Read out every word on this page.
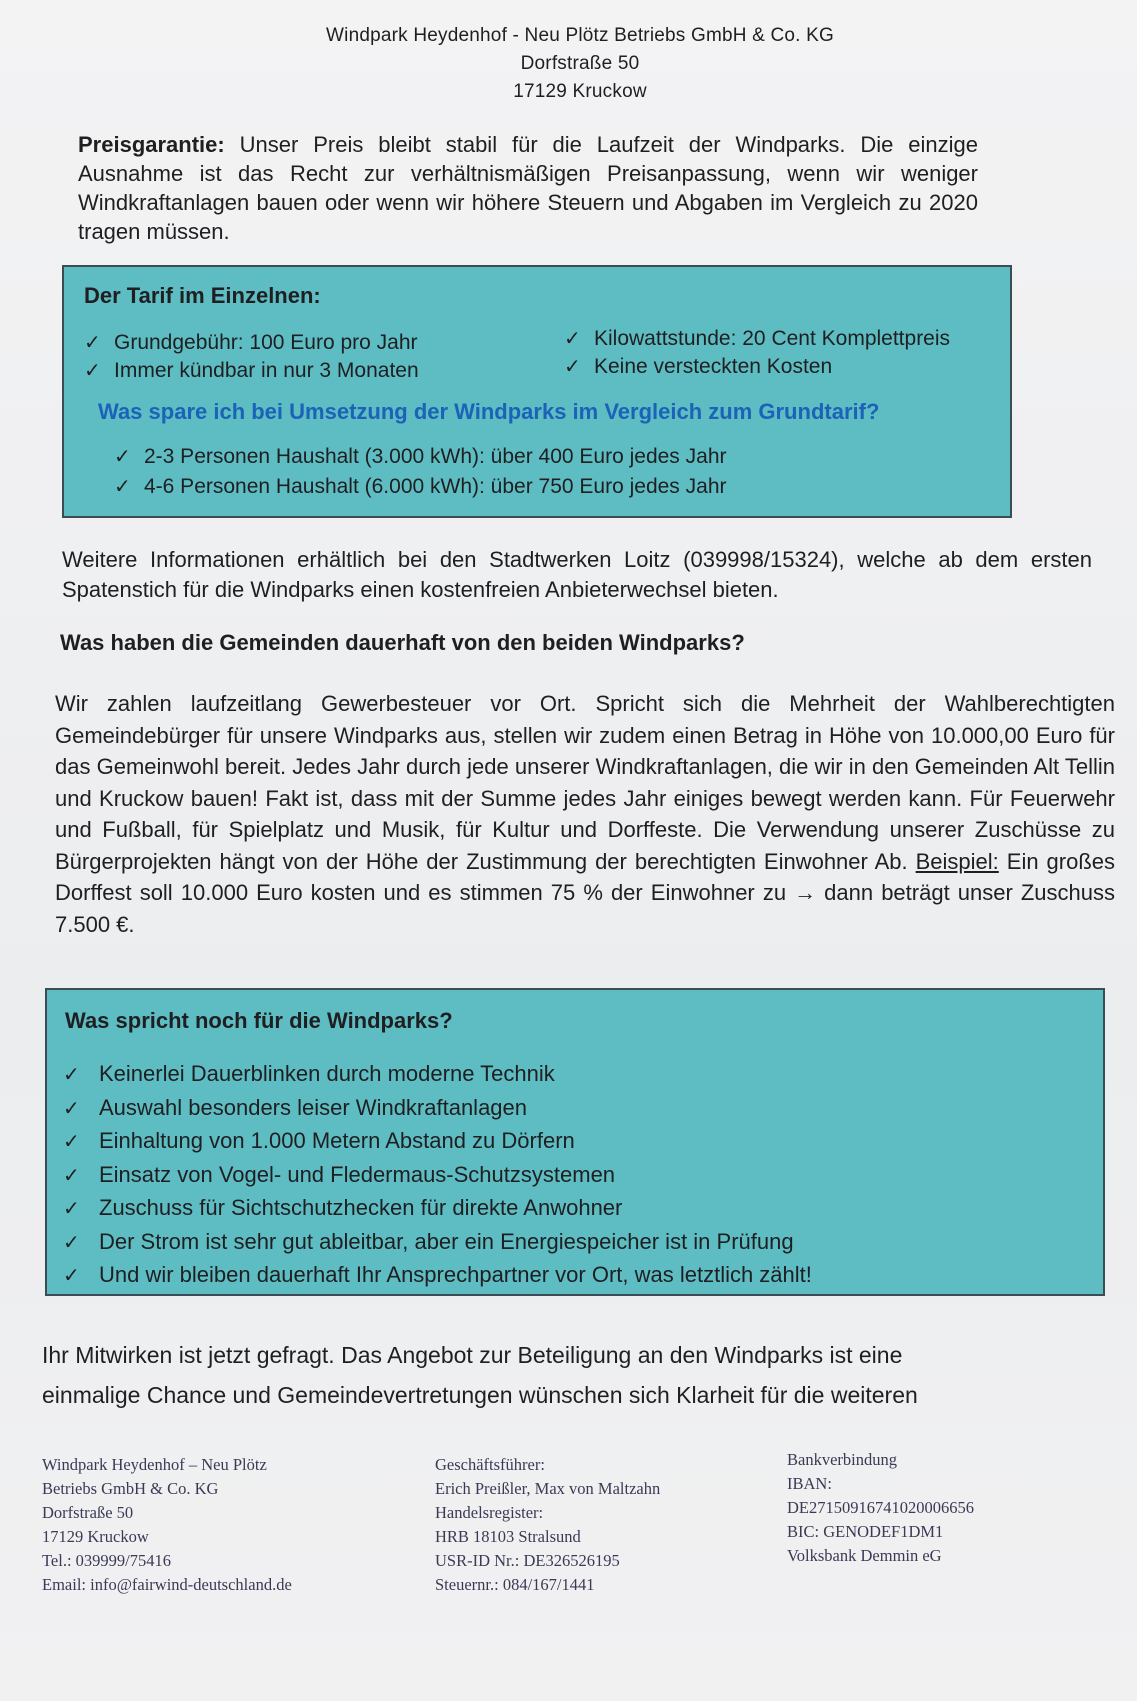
Windpark Heydenhof - Neu Plötz Betriebs GmbH & Co. KG
Dorfstraße 50
17129 Kruckow
Preisgarantie: Unser Preis bleibt stabil für die Laufzeit der Windparks. Die einzige Ausnahme ist das Recht zur verhältnismäßigen Preisanpassung, wenn wir weniger Windkraftanlagen bauen oder wenn wir höhere Steuern und Abgaben im Vergleich zu 2020 tragen müssen.
Der Tarif im Einzelnen:
✓ Grundgebühr: 100 Euro pro Jahr
✓ Immer kündbar in nur 3 Monaten
✓ Kilowattstunde: 20 Cent Komplettpreis
✓ Keine versteckten Kosten
Was spare ich bei Umsetzung der Windparks im Vergleich zum Grundtarif?
✓ 2-3 Personen Haushalt (3.000 kWh): über 400 Euro jedes Jahr
✓ 4-6 Personen Haushalt (6.000 kWh): über 750 Euro jedes Jahr
Weitere Informationen erhältlich bei den Stadtwerken Loitz (039998/15324), welche ab dem ersten Spatenstich für die Windparks einen kostenfreien Anbieterwechsel bieten.
Was haben die Gemeinden dauerhaft von den beiden Windparks?
Wir zahlen laufzeitlang Gewerbesteuer vor Ort. Spricht sich die Mehrheit der Wahlberechtigten Gemeindebürger für unsere Windparks aus, stellen wir zudem einen Betrag in Höhe von 10.000,00 Euro für das Gemeinwohl bereit. Jedes Jahr durch jede unserer Windkraftanlagen, die wir in den Gemeinden Alt Tellin und Kruckow bauen! Fakt ist, dass mit der Summe jedes Jahr einiges bewegt werden kann. Für Feuerwehr und Fußball, für Spielplatz und Musik, für Kultur und Dorffeste. Die Verwendung unserer Zuschüsse zu Bürgerprojekten hängt von der Höhe der Zustimmung der berechtigten Einwohner Ab. Beispiel: Ein großes Dorffest soll 10.000 Euro kosten und es stimmen 75 % der Einwohner zu → dann beträgt unser Zuschuss 7.500 €.
Was spricht noch für die Windparks?
✓ Keinerlei Dauerblinken durch moderne Technik
✓ Auswahl besonders leiser Windkraftanlagen
✓ Einhaltung von 1.000 Metern Abstand zu Dörfern
✓ Einsatz von Vogel- und Fledermaus-Schutzsystemen
✓ Zuschuss für Sichtschutzhecken für direkte Anwohner
✓ Der Strom ist sehr gut ableitbar, aber ein Energiespeicher ist in Prüfung
✓ Und wir bleiben dauerhaft Ihr Ansprechpartner vor Ort, was letztlich zählt!
Ihr Mitwirken ist jetzt gefragt. Das Angebot zur Beteiligung an den Windparks ist eine
einmalige Chance und Gemeindevertretungen wünschen sich Klarheit für die weiteren
Windpark Heydenhof – Neu Plötz
Betriebs GmbH & Co. KG
Dorfstraße 50
17129 Kruckow
Tel.: 039999/75416
Email: info@fairwind-deutschland.de
Geschäftsführer:
Erich Preißler, Max von Maltzahn
Handelsregister:
HRB 18103 Stralsund
USR-ID Nr.: DE326526195
Steuernr.: 084/167/1441
Bankverbindung
IBAN:
DE27150916741020006656
BIC: GENODEF1DM1
Volksbank Demmin eG
